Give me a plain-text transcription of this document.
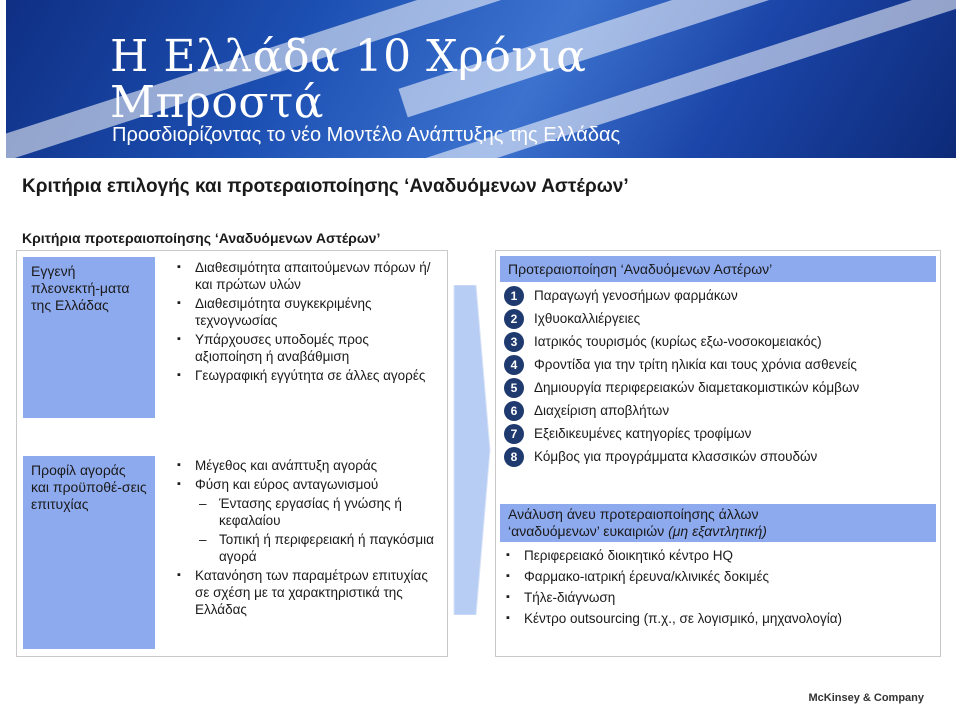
Η Ελλάδα 10 Χρόνια
Μπροστά
Προσδιορίζοντας το νέο Μοντέλο Ανάπτυξης της Ελλάδας
Κριτήρια επιλογής και προτεραιοποίησης ‘Αναδυόμενων Αστέρων’
Κριτήρια προτεραιοποίησης ‘Αναδυόμενων Αστέρων’
Εγγενή πλεονεκτή-ματα της Ελλάδας
▪ Διαθεσιμότητα απαιτούμενων πόρων ή/και πρώτων υλών
▪ Διαθεσιμότητα συγκεκριμένης τεχνογνωσίας
▪ Υπάρχουσες υποδομές προς αξιοποίηση ή αναβάθμιση
▪ Γεωγραφική εγγύτητα σε άλλες αγορές
Προφίλ αγοράς και προϋποθέ-σεις επιτυχίας
▪ Μέγεθος και ανάπτυξη αγοράς
▪ Φύση και εύρος ανταγωνισμού
– Έντασης εργασίας ή γνώσης ή κεφαλαίου
– Τοπική ή περιφερειακή ή παγκόσμια αγορά
▪ Κατανόηση των παραμέτρων επιτυχίας σε σχέση με τα χαρακτηριστικά της Ελλάδας
Προτεραιοποίηση ‘Αναδυόμενων Αστέρων’
1	Παραγωγή γενοσήμων φαρμάκων
2	Ιχθυοκαλλιέργειες
3	Ιατρικός τουρισμός (κυρίως εξω-νοσοκομειακός)
4	Φροντίδα για την τρίτη ηλικία και τους χρόνια ασθενείς
5	Δημιουργία περιφερειακών διαμετακομιστικών κόμβων
6	Διαχείριση αποβλήτων
7	Εξειδικευμένες κατηγορίες τροφίμων
8	Κόμβος για προγράμματα κλασσικών σπουδών
Ανάλυση άνευ προτεραιοποίησης άλλων
‘αναδυόμενων’ ευκαιριών (μη εξαντλητική)
▪ Περιφερειακό διοικητικό κέντρο HQ
▪ Φαρμακο-ιατρική έρευνα/κλινικές δοκιμές
▪ Τήλε-διάγνωση
▪ Κέντρο outsourcing (π.χ., σε λογισμικό, μηχανολογία)
McKinsey & Company
